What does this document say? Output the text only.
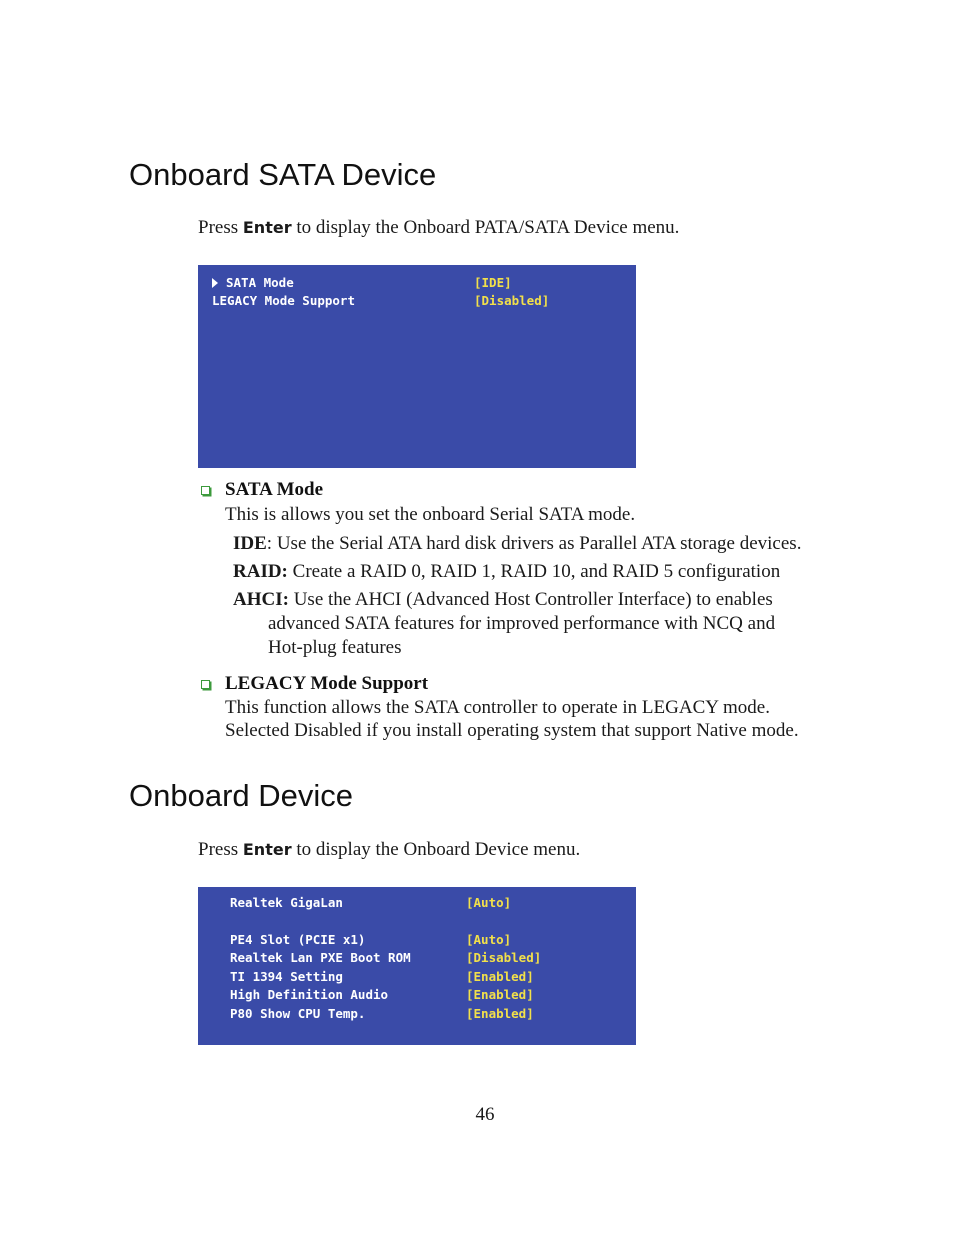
Onboard SATA Device
Press Enter to display the Onboard PATA/SATA Device menu.
SATA Mode	[IDE]
LEGACY Mode Support	[Disabled]
SATA Mode
This is allows you set the onboard Serial SATA mode.
IDE: Use the Serial ATA hard disk drivers as Parallel ATA storage devices.
RAID: Create a RAID 0, RAID 1, RAID 10, and RAID 5 configuration
AHCI: Use the AHCI (Advanced Host Controller Interface) to enables
advanced SATA features for improved performance with NCQ and
Hot-plug features
LEGACY Mode Support
This function allows the SATA controller to operate in LEGACY mode.
Selected Disabled if you install operating system that support Native mode.
Onboard Device
Press Enter to display the Onboard Device menu.
Realtek GigaLan	[Auto]
PE4 Slot (PCIE x1)	[Auto]
Realtek Lan PXE Boot ROM	[Disabled]
TI 1394 Setting	[Enabled]
High Definition Audio	[Enabled]
P80 Show CPU Temp.	[Enabled]
46
